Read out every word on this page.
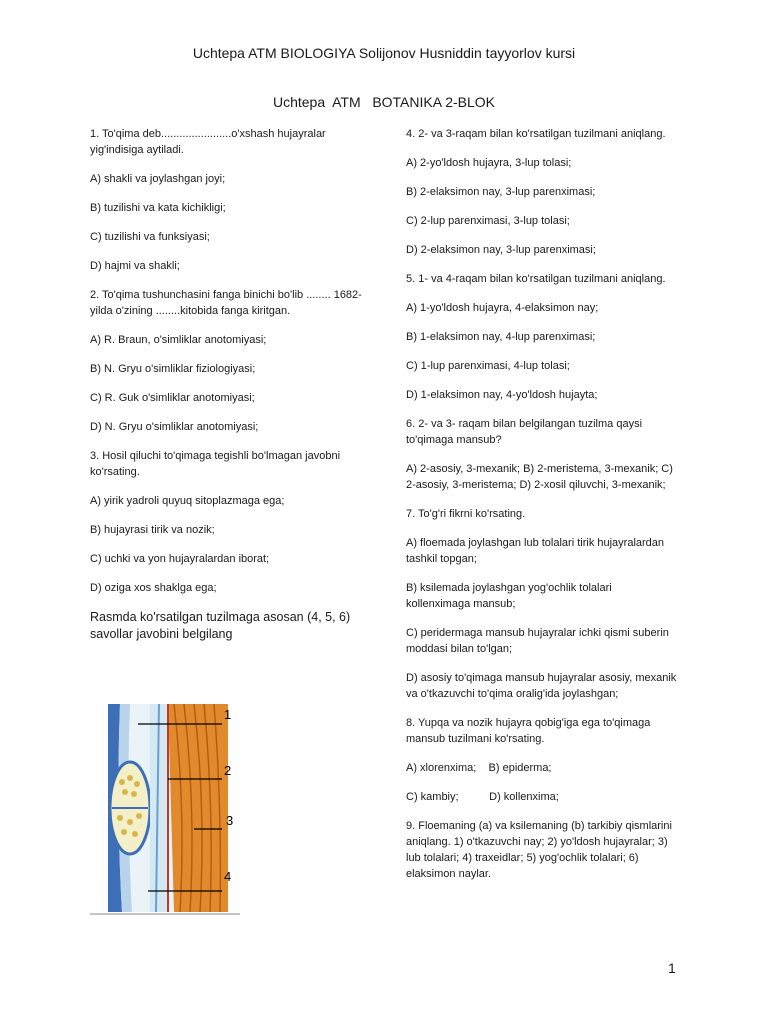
Uchtepa ATM BIOLOGIYA Solijonov Husniddin tayyorlov kursi
Uchtepa  ATM   BOTANIKA 2-BLOK

1. To'qima deb.......................o'xshash hujayralar yig'indisiga aytiladi.

A) shakli va joylashgan joyi;

B) tuzilishi va kata kichikligi;

C) tuzilishi va funksiyasi;

D) hajmi va shakli;

2. To'qima tushunchasini fanga binichi bo'lib ........ 1682-yilda o'zining ........kitobida fanga kiritgan.

A) R. Braun, o'simliklar anotomiyasi;

B) N. Gryu o'simliklar fiziologiyasi;

C) R. Guk o'simliklar anotomiyasi;

D) N. Gryu o'simliklar anotomiyasi;

3. Hosil qiluchi to'qimaga tegishli bo'lmagan javobni ko'rsating.

A) yirik yadroli quyuq sitoplazmaga ega;

B) hujayrasi tirik va nozik;

C) uchki va yon hujayralardan iborat;

D) oziga xos shaklga ega;

Rasmda ko'rsatilgan tuzilmaga asosan (4, 5, 6) savollar javobini belgilang

1
2
3
4

4. 2- va 3-raqam bilan ko'rsatilgan tuzilmani aniqlang.

A) 2-yo'ldosh hujayra, 3-lup tolasi;

B) 2-elaksimon nay, 3-lup parenximasi;

C) 2-lup parenximasi, 3-lup tolasi;

D) 2-elaksimon nay, 3-lup parenximasi;

5. 1- va 4-raqam bilan ko'rsatilgan tuzilmani aniqlang.

A) 1-yo'ldosh hujayra, 4-elaksimon nay;

B) 1-elaksimon nay, 4-lup parenximasi;

C) 1-lup parenximasi, 4-lup tolasi;

D) 1-elaksimon nay, 4-yo'ldosh hujayta;

6. 2- va 3- raqam bilan belgilangan tuzilma qaysi to'qimaga mansub?

A) 2-asosiy, 3-mexanik; B) 2-meristema, 3-mexanik; C) 2-asosiy, 3-meristema; D) 2-xosil qiluvchi, 3-mexanik;

7. To'g'ri fikrni ko'rsating.

A) floemada joylashgan lub tolalari tirik hujayralardan tashkil topgan;

B) ksilemada joylashgan yog'ochlik tolalari kollenximaga mansub;

C) peridermaga mansub hujayralar ichki qismi suberin moddasi bilan to'lgan;

D) asosiy to'qimaga mansub hujayralar asosiy, mexanik va o'tkazuvchi to'qima oralig'ida joylashgan;

8. Yupqa va nozik hujayra qobig'iga ega to'qimaga mansub tuzilmani ko'rsating.

A) xlorenxima;    B) epiderma;

C) kambiy;          D) kollenxima;

9. Floemaning (a) va ksilemaning (b) tarkibiy qismlarini aniqlang. 1) o'tkazuvchi nay; 2) yo'ldosh hujayralar; 3) lub tolalari; 4) traxeidlar; 5) yog'ochlik tolalari; 6) elaksimon naylar.

1
